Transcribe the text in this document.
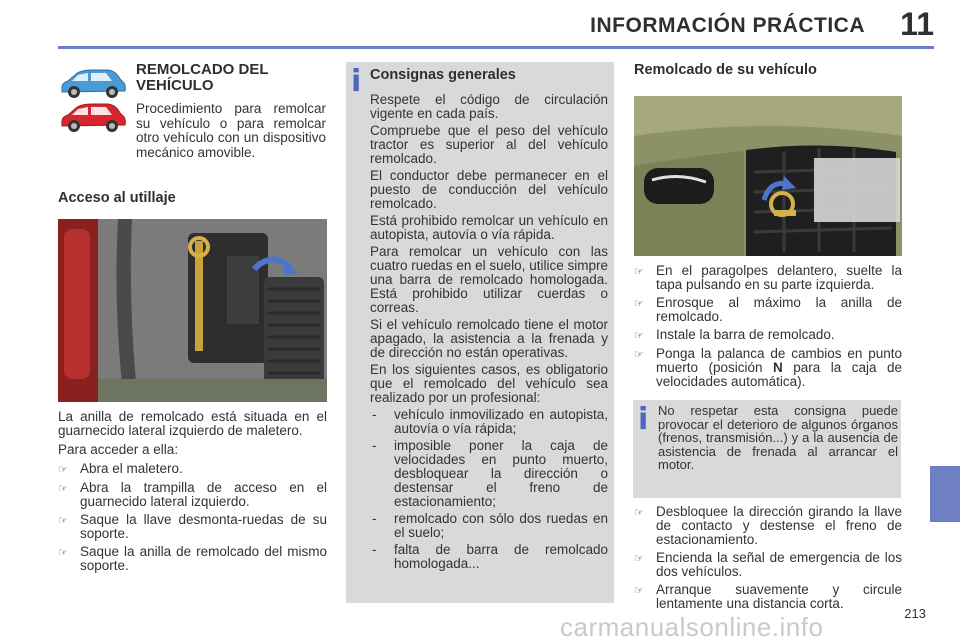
INFORMACIÓN PRÁCTICA 11
REMOLCADO DEL VEHÍCULO
Procedimiento para remolcar su vehículo o para remolcar otro vehículo con un dispositivo mecánico amovible.
Acceso al utillaje

La anilla de remolcado está situada en el guarnecido lateral izquierdo de maletero.

Para acceder a ella:

☞ Abra el maletero.
☞ Abra la trampilla de acceso en el guarnecido lateral izquierdo.
☞ Saque la llave desmonta-ruedas de su soporte.
☞ Saque la anilla de remolcado del mismo soporte.
i Consignas generales

Respete el código de circulación vigente en cada país.

Compruebe que el peso del vehículo tractor es superior al del vehículo remolcado.

El conductor debe permanecer en el puesto de conducción del vehículo remolcado.

Está prohibido remolcar un vehículo en autopista, autovía o vía rápida.

Para remolcar un vehículo con las cuatro ruedas en el suelo, utilice simpre una barra de remolcado homologada. Está prohibido utilizar cuerdas o correas.

Si el vehículo remolcado tiene el motor apagado, la asistencia a la frenada y de dirección no están operativas.

En los siguientes casos, es obligatorio que el remolcado del vehículo sea realizado por un profesional:

-	vehículo inmovilizado en autopista, autovía o vía rápida;
-	imposible poner la caja de velocidades en punto muerto, desbloquear la dirección o destensar el freno de estacionamiento;
-	remolcado con sólo dos ruedas en el suelo;
-	falta de barra de remolcado homologada...
Remolcado de su vehículo
☞ En el paragolpes delantero, suelte la tapa pulsando en su parte izquierda.
☞ Enrosque al máximo la anilla de remolcado.
☞ Instale la barra de remolcado.
☞ Ponga la palanca de cambios en punto muerto (posición N para la caja de velocidades automática).
i No respetar esta consigna puede provocar el deterioro de algunos órganos (frenos, transmisión...) y a la ausencia de asistencia de frenada al arrancar el motor.
☞ Desbloquee la dirección girando la llave de contacto y destense el freno de estacionamiento.
☞ Encienda la señal de emergencia de los dos vehículos.
☞ Arranque suavemente y circule lentamente una distancia corta.
213
carmanualsonline.info
